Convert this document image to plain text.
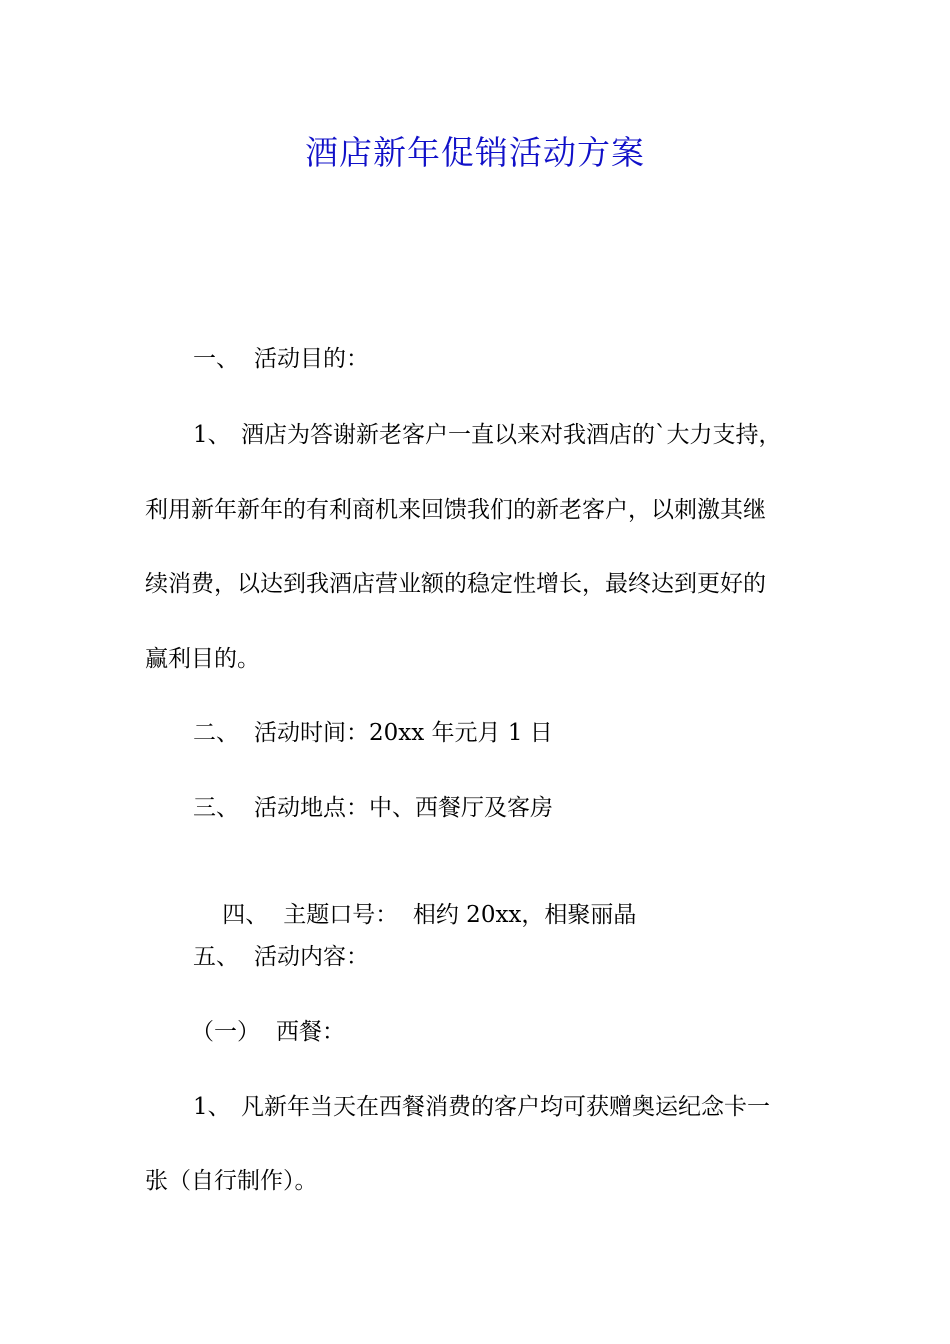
酒店新年促销活动方案

一、 活动目的：

1、 酒店为答谢新老客户一直以来对我酒店的`大力支持，

利用新年新年的有利商机来回馈我们的新老客户，以刺激其继

续消费，以达到我酒店营业额的稳定性增长，最终达到更好的

赢利目的。

二、 活动时间：20xx 年元月 1 日

三、 活动地点：中、西餐厅及客房

四、 主题口号：  相约 20xx，相聚丽晶

五、 活动内容：

（一） 西餐：

1、 凡新年当天在西餐消费的客户均可获赠奥运纪念卡一

张（自行制作）。
